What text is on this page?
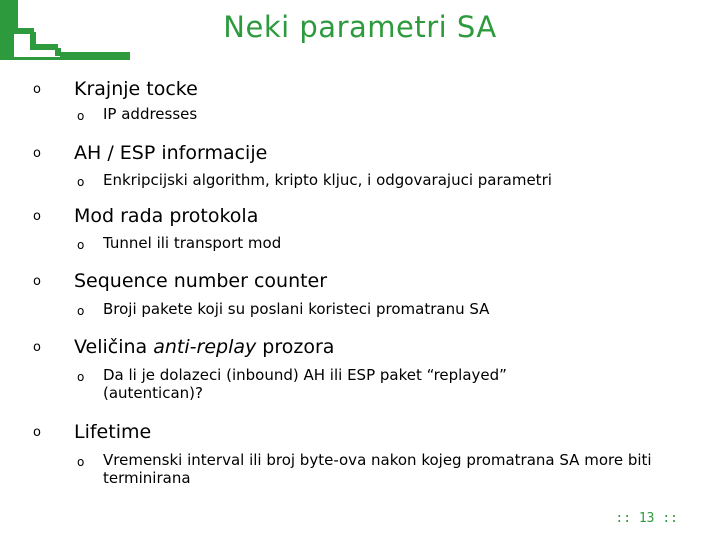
Neki parametri SA
o Krajnje tocke
o IP addresses
o AH / ESP informacije
o Enkripcijski algorithm, kripto kljuc, i odgovarajuci parametri
o Mod rada protokola
o Tunnel ili transport mod
o Sequence number counter
o Broji pakete koji su poslani koristeci promatranu SA
o Veličina anti-replay prozora
o Da li je dolazeci (inbound) AH ili ESP paket “replayed” (autentican)?
o Lifetime
o Vremenski interval ili broj byte-ova nakon kojeg promatrana SA more biti terminirana
:: 13 ::
